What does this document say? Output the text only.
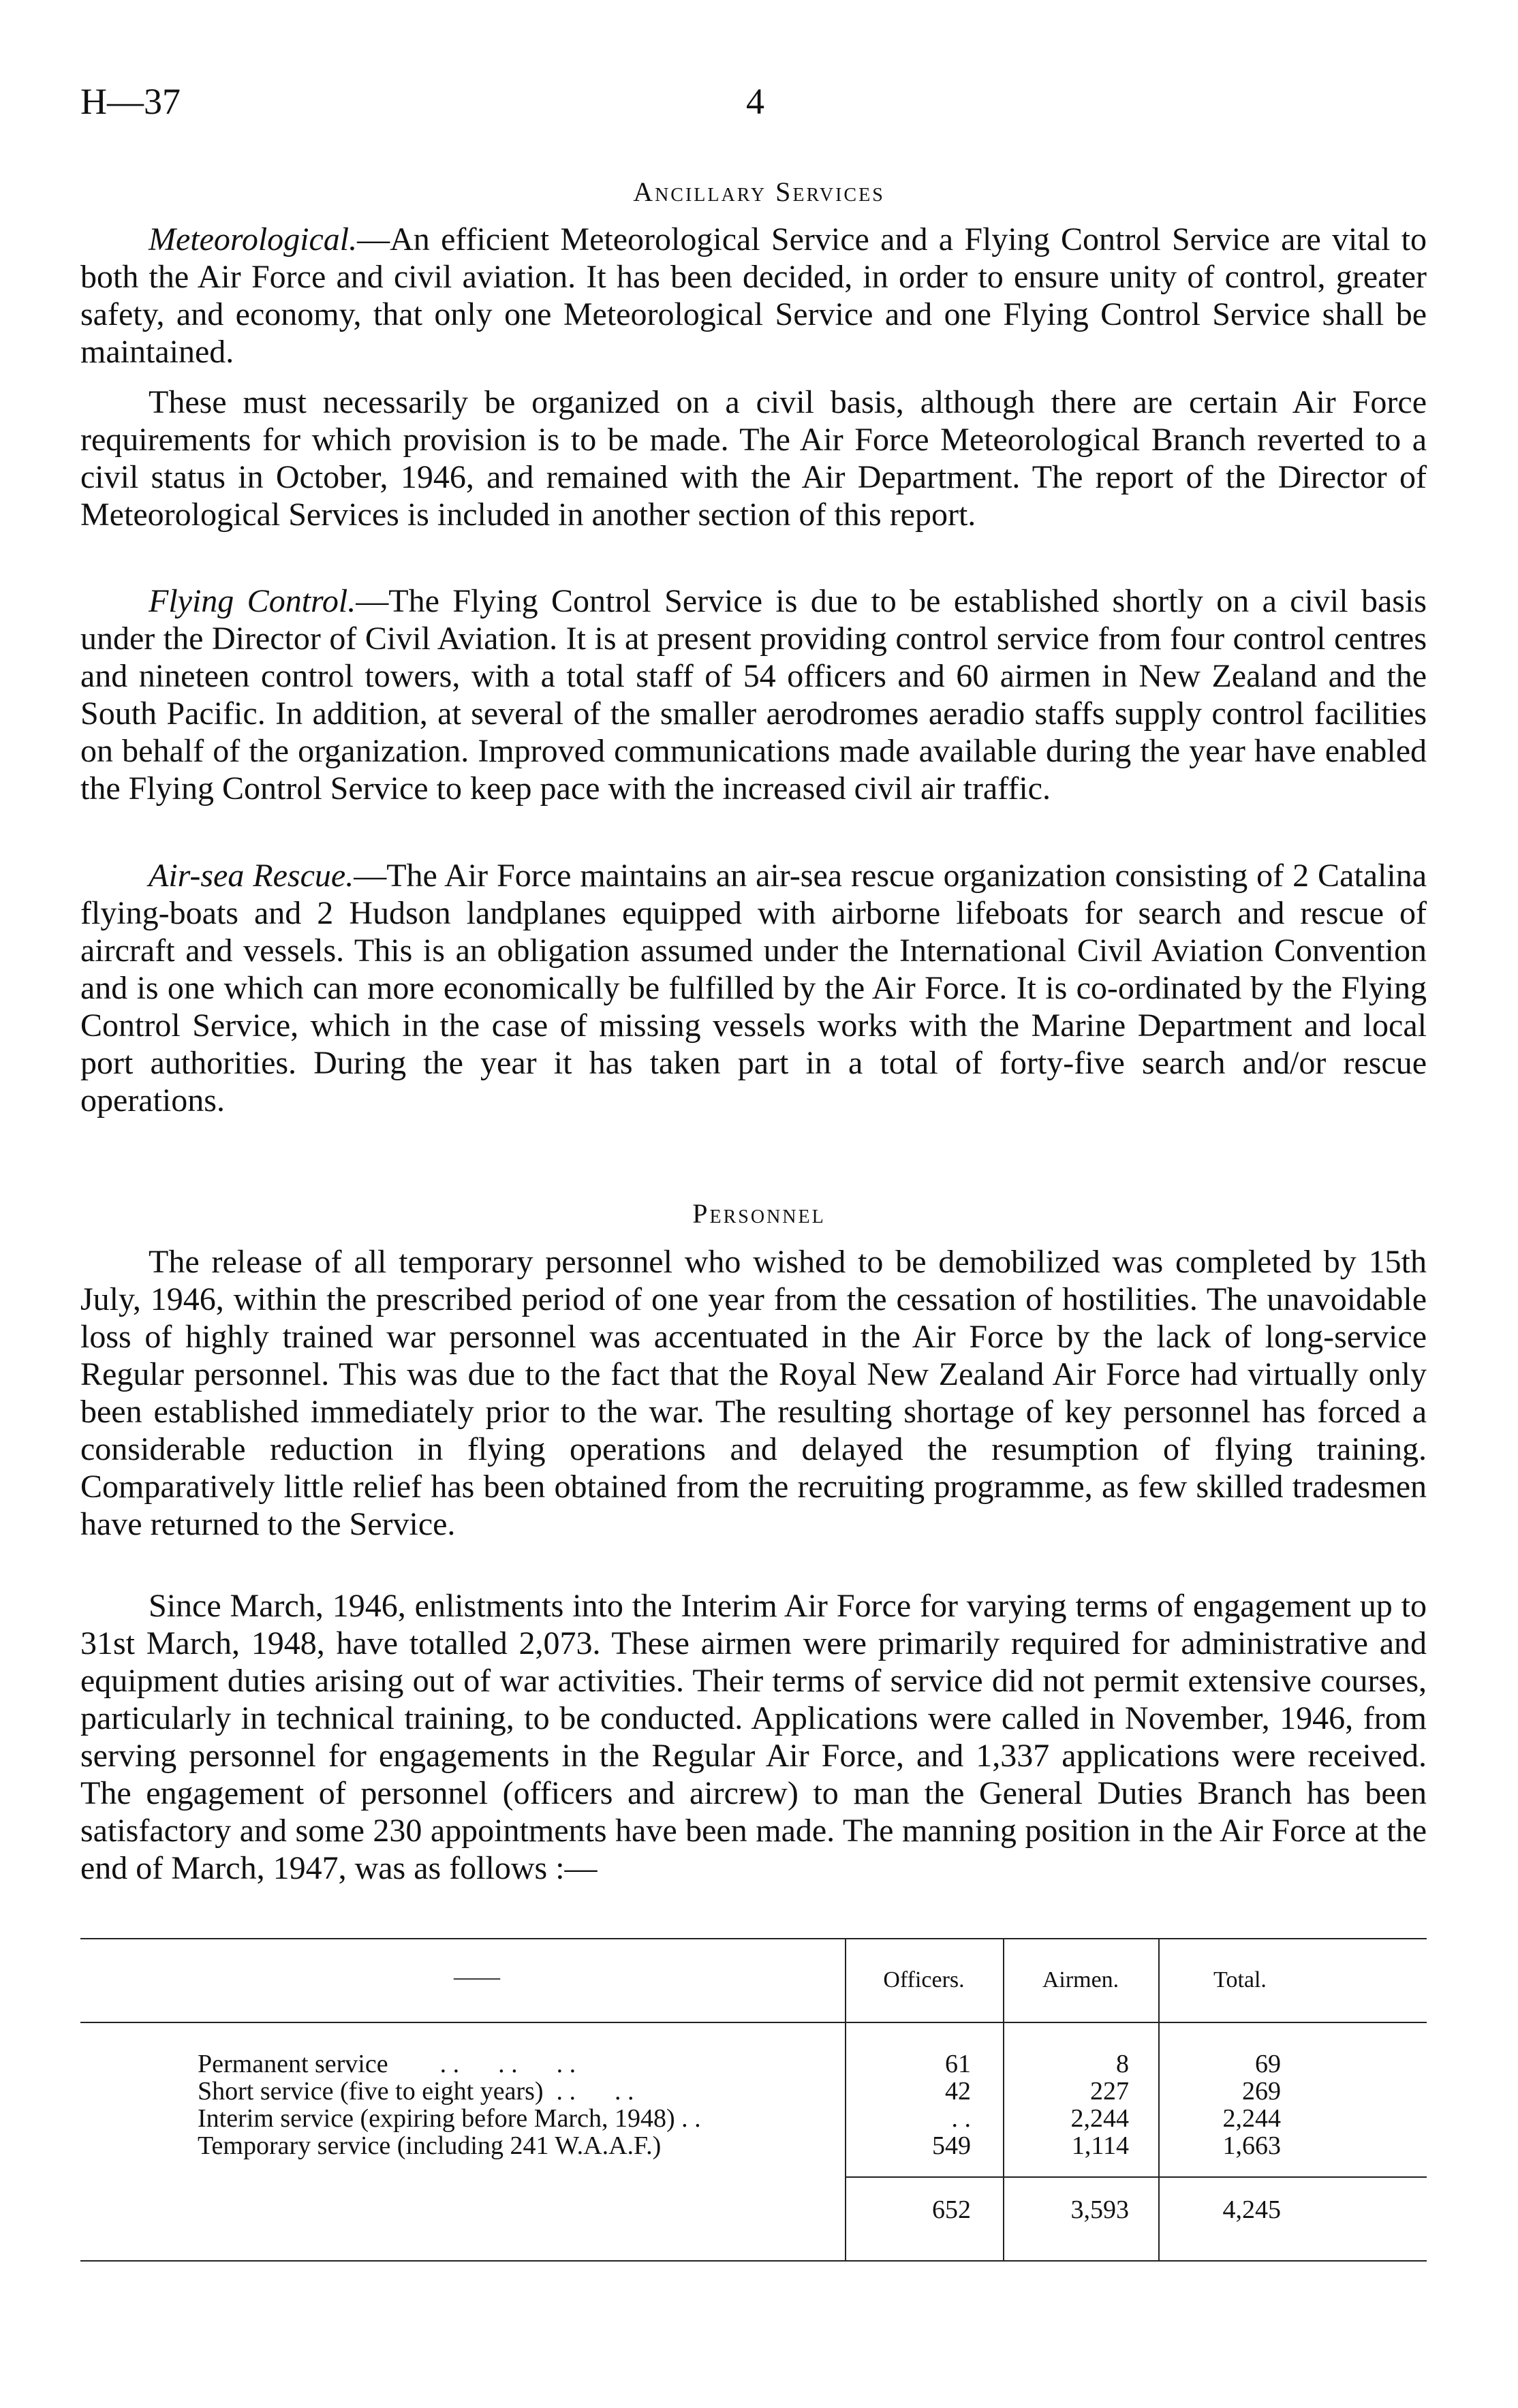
H—37	4
Ancillary Services
Meteorological.—An efficient Meteorological Service and a Flying Control Service are vital to both the Air Force and civil aviation. It has been decided, in order to ensure unity of control, greater safety, and economy, that only one Meteorological Service and one Flying Control Service shall be maintained.
These must necessarily be organized on a civil basis, although there are certain Air Force requirements for which provision is to be made. The Air Force Meteorological Branch reverted to a civil status in October, 1946, and remained with the Air Department. The report of the Director of Meteorological Services is included in another section of this report.
Flying Control.—The Flying Control Service is due to be established shortly on a civil basis under the Director of Civil Aviation. It is at present providing control service from four control centres and nineteen control towers, with a total staff of 54 officers and 60 airmen in New Zealand and the South Pacific. In addition, at several of the smaller aerodromes aeradio staffs supply control facilities on behalf of the organization. Improved communications made available during the year have enabled the Flying Control Service to keep pace with the increased civil air traffic.
Air-sea Rescue.—The Air Force maintains an air-sea rescue organization consisting of 2 Catalina flying-boats and 2 Hudson landplanes equipped with airborne lifeboats for search and rescue of aircraft and vessels. This is an obligation assumed under the International Civil Aviation Convention and is one which can more economically be fulfilled by the Air Force. It is co-ordinated by the Flying Control Service, which in the case of missing vessels works with the Marine Department and local port authorities. During the year it has taken part in a total of forty-five search and/or rescue operations.
Personnel
The release of all temporary personnel who wished to be demobilized was completed by 15th July, 1946, within the prescribed period of one year from the cessation of hostilities. The unavoidable loss of highly trained war personnel was accentuated in the Air Force by the lack of long-service Regular personnel. This was due to the fact that the Royal New Zealand Air Force had virtually only been established immediately prior to the war. The resulting shortage of key personnel has forced a considerable reduction in flying operations and delayed the resumption of flying training. Comparatively little relief has been obtained from the recruiting programme, as few skilled tradesmen have returned to the Service.
Since March, 1946, enlistments into the Interim Air Force for varying terms of engagement up to 31st March, 1948, have totalled 2,073. These airmen were primarily required for administrative and equipment duties arising out of war activities. Their terms of service did not permit extensive courses, particularly in technical training, to be conducted. Applications were called in November, 1946, from serving personnel for engagements in the Regular Air Force, and 1,337 applications were received. The engagement of personnel (officers and aircrew) to man the General Duties Branch has been satisfactory and some 230 appointments have been made. The manning position in the Air Force at the end of March, 1947, was as follows :—
——	Officers.	Airmen.	Total.
Permanent service        . .      . .      . .	61	8	69
Short service (five to eight years)  . .      . .	42	227	269
Interim service (expiring before March, 1948) . .	. .	2,244	2,244
Temporary service (including 241 W.A.A.F.)	549	1,114	1,663
652	3,593	4,245
